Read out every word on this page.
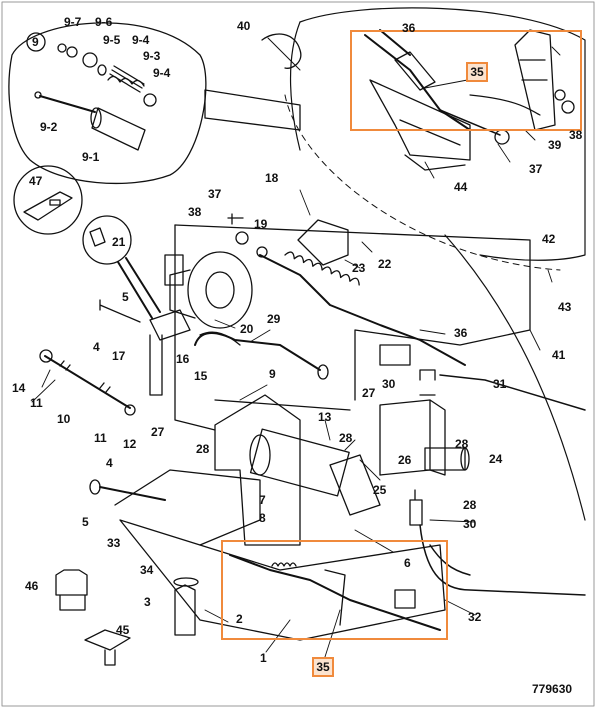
35
35
9
9-7 9-6
9-5 9-4
9-3
9-4
9-2
9-1
40	36
38
39
37
44
47
21
37
38
18
19
23 22
42
43
41
36
20
29
5
4
17
14
11
10
11 12
16
15	9
27
28
27
30	31
13
28
26
28
24
25
28
30
4
5
7
8
6
33
34
46
3
2
45
1
32
779630
